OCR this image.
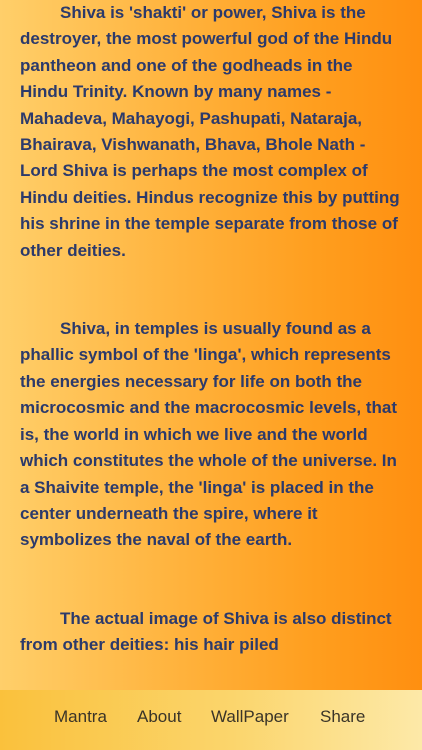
Shiva is 'shakti' or power, Shiva is the destroyer, the most powerful god of the Hindu pantheon and one of the godheads in the Hindu Trinity. Known by many names - Mahadeva, Mahayogi, Pashupati, Nataraja, Bhairava, Vishwanath, Bhava, Bhole Nath - Lord Shiva is perhaps the most complex of Hindu deities. Hindus recognize this by putting his shrine in the temple separate from those of other deities.

Shiva, in temples is usually found as a phallic symbol of the 'linga', which represents the energies necessary for life on both the microcosmic and the macrocosmic levels, that is, the world in which we live and the world which constitutes the whole of the universe. In a Shaivite temple, the 'linga' is placed in the center underneath the spire, where it symbolizes the naval of the earth.

The actual image of Shiva is also distinct from other deities: his hair piled

Mantra About WallPaper Share
